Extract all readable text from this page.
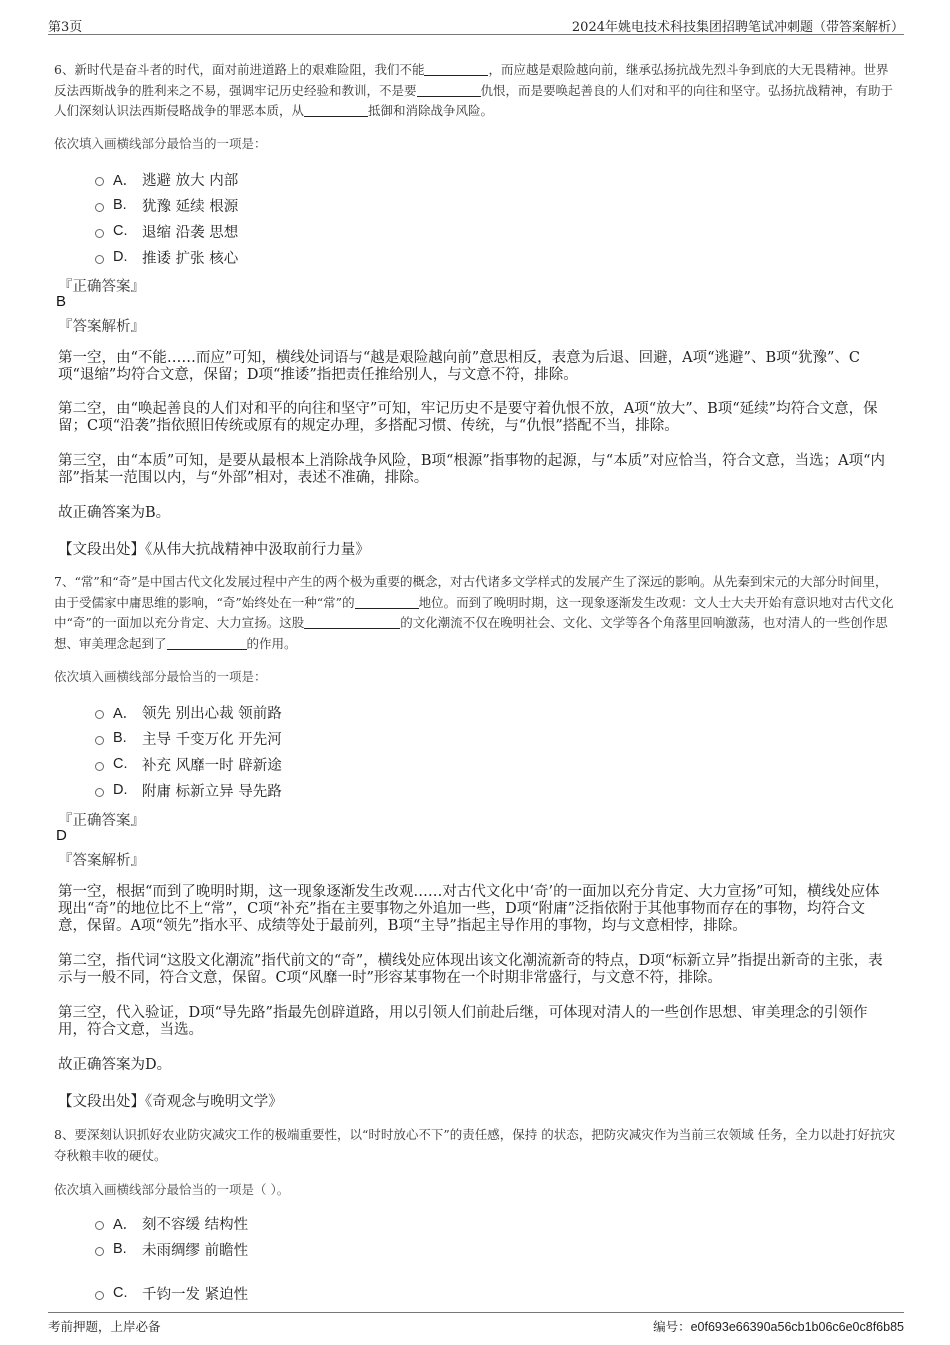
第3页	2024年姚电技术科技集团招聘笔试冲刺题（带答案解析）
6、新时代是奋斗者的时代，面对前进道路上的艰难险阻，我们不能	，而应越是艰险越向前，继承弘扬抗战先烈斗争到底的大无畏精神。世界反法西斯战争的胜利来之不易，强调牢记历史经验和教训，不是要	仇恨，而是要唤起善良的人们对和平的向往和坚守。弘扬抗战精神，有助于人们深刻认识法西斯侵略战争的罪恶本质，从	抵御和消除战争风险。
依次填入画横线部分最恰当的一项是：
A． 逃避 放大 内部
B.	犹豫 延续 根源
C.	退缩 沿袭 思想
D.	推诿 扩张 核心
『正确答案』
B
『答案解析』
第一空，由“不能……而应”可知，横线处词语与“越是艰险越向前”意思相反，表意为后退、回避，A项“逃避”、B项“犹豫”、C项“退缩”均符合文意，保留；D项“推诿”指把责任推给别人，与文意不符，排除。
第二空，由“唤起善良的人们对和平的向往和坚守”可知，牢记历史不是要守着仇恨不放，A项“放大”、B项“延续”均符合文意，保留；C项“沿袭”指依照旧传统或原有的规定办理，多搭配习惯、传统，与“仇恨”搭配不当，排除。
第三空，由“本质”可知，是要从最根本上消除战争风险，B项“根源”指事物的起源，与“本质”对应恰当，符合文意，当选；A项“内部”指某一范围以内，与“外部”相对，表述不准确，排除。
故正确答案为B。
【文段出处】《从伟大抗战精神中汲取前行力量》
7、“常”和“奇”是中国古代文化发展过程中产生的两个极为重要的概念，对古代诸多文学样式的发展产生了深远的影响。从先秦到宋元的大部分时间里，由于受儒家中庸思维的影响，“奇”始终处在一种“常”的	地位。而到了晚明时期，这一现象逐渐发生改观：文人士大夫开始有意识地对古代文化中“奇”的一面加以充分肯定、大力宣扬。这股	的文化潮流不仅在晚明社会、文化、文学等各个角落里回响激荡，也对清人的一些创作思想、审美理念起到了	的作用。
依次填入画横线部分最恰当的一项是：
A． 领先 别出心裁 领前路
B.	主导 千变万化 开先河
C.	补充 风靡一时 辟新途
D.	附庸 标新立异 导先路
『正确答案』
D
『答案解析』
第一空，根据“而到了晚明时期，这一现象逐渐发生改观……对古代文化中‘奇’的一面加以充分肯定、大力宣扬”可知，横线处应体现出“奇”的地位比不上“常”，C项“补充”指在主要事物之外追加一些，D项“附庸”泛指依附于其他事物而存在的事物，均符合文意，保留。A项“领先”指水平、成绩等处于最前列，B项“主导”指起主导作用的事物，均与文意相悖，排除。
第二空，指代词“这股文化潮流”指代前文的“奇”，横线处应体现出该文化潮流新奇的特点，D项“标新立异”指提出新奇的主张，表示与一般不同，符合文意，保留。C项“风靡一时”形容某事物在一个时期非常盛行，与文意不符，排除。
第三空，代入验证，D项“导先路”指最先创辟道路，用以引领人们前赴后继，可体现对清人的一些创作思想、审美理念的引领作用，符合文意，当选。
故正确答案为D。
【文段出处】《奇观念与晚明文学》
8、要深刻认识抓好农业防灾减灾工作的极端重要性，以“时时放心不下”的责任感，保持 的状态，把防灾减灾作为当前三农领域 任务，全力以赴打好抗灾夺秋粮丰收的硬仗。
依次填入画横线部分最恰当的一项是（ ）。
A． 刻不容缓 结构性
B.	未雨绸缪 前瞻性
C.	千钧一发 紧迫性
考前押题，上岸必备	编号：e0f693e66390a56cb1b06c6e0c8f6b85
